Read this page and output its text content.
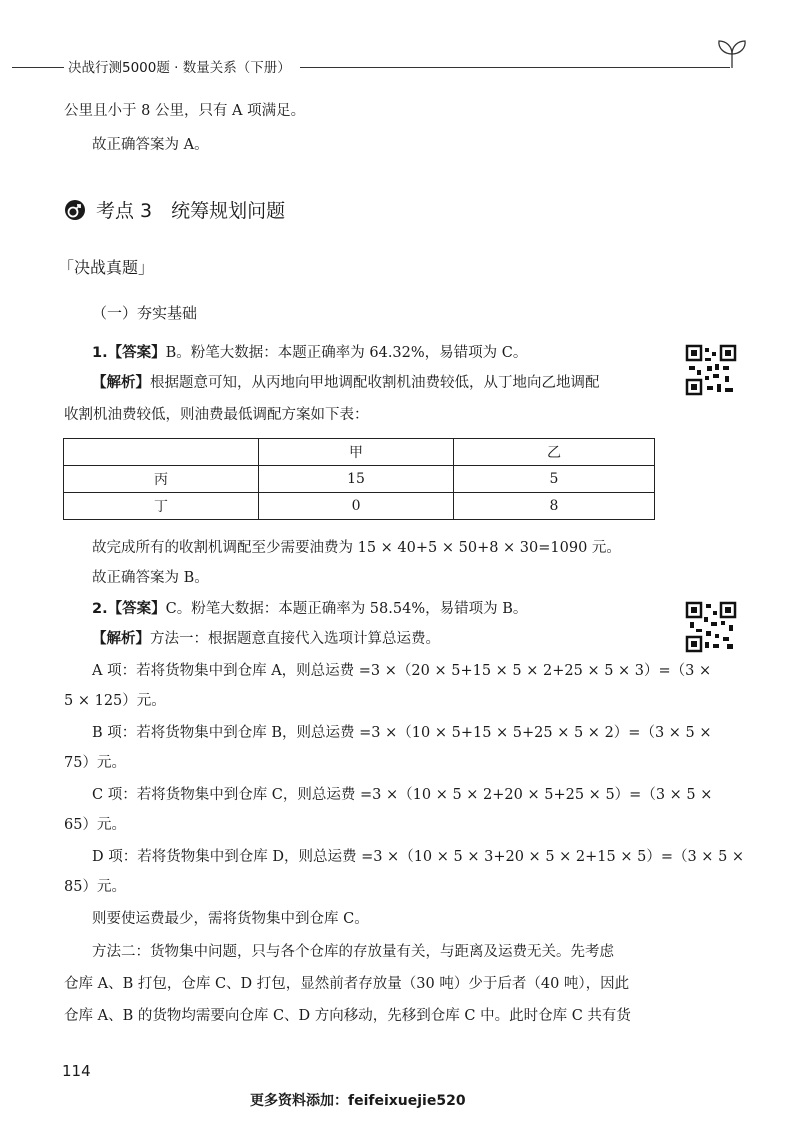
决战行测5000题 · 数量关系（下册）
公里且小于 8 公里，只有 A 项满足。
故正确答案为 A。
考点 3　统筹规划问题
「决战真题」
（一）夯实基础
1.【答案】B。粉笔大数据：本题正确率为 64.32%，易错项为 C。
【解析】根据题意可知，从丙地向甲地调配收割机油费较低，从丁地向乙地调配
收割机油费较低，则油费最低调配方案如下表：
	甲	乙
丙	15	5
丁	0	8
故完成所有的收割机调配至少需要油费为 15 × 40+5 × 50+8 × 30=1090 元。
故正确答案为 B。
2.【答案】C。粉笔大数据：本题正确率为 58.54%，易错项为 B。
【解析】方法一：根据题意直接代入选项计算总运费。
A 项：若将货物集中到仓库 A，则总运费 =3 ×（20 × 5+15 × 5 × 2+25 × 5 × 3）=（3 ×
5 × 125）元。
B 项：若将货物集中到仓库 B，则总运费 =3 ×（10 × 5+15 × 5+25 × 5 × 2）=（3 × 5 ×
75）元。
C 项：若将货物集中到仓库 C，则总运费 =3 ×（10 × 5 × 2+20 × 5+25 × 5）=（3 × 5 ×
65）元。
D 项：若将货物集中到仓库 D，则总运费 =3 ×（10 × 5 × 3+20 × 5 × 2+15 × 5）=（3 × 5 ×
85）元。
则要使运费最少，需将货物集中到仓库 C。
方法二：货物集中问题，只与各个仓库的存放量有关，与距离及运费无关。先考虑
仓库 A、B 打包，仓库 C、D 打包，显然前者存放量（30 吨）少于后者（40 吨），因此
仓库 A、B 的货物均需要向仓库 C、D 方向移动，先移到仓库 C 中。此时仓库 C 共有货
114
更多资料添加：feifeixuejie520
